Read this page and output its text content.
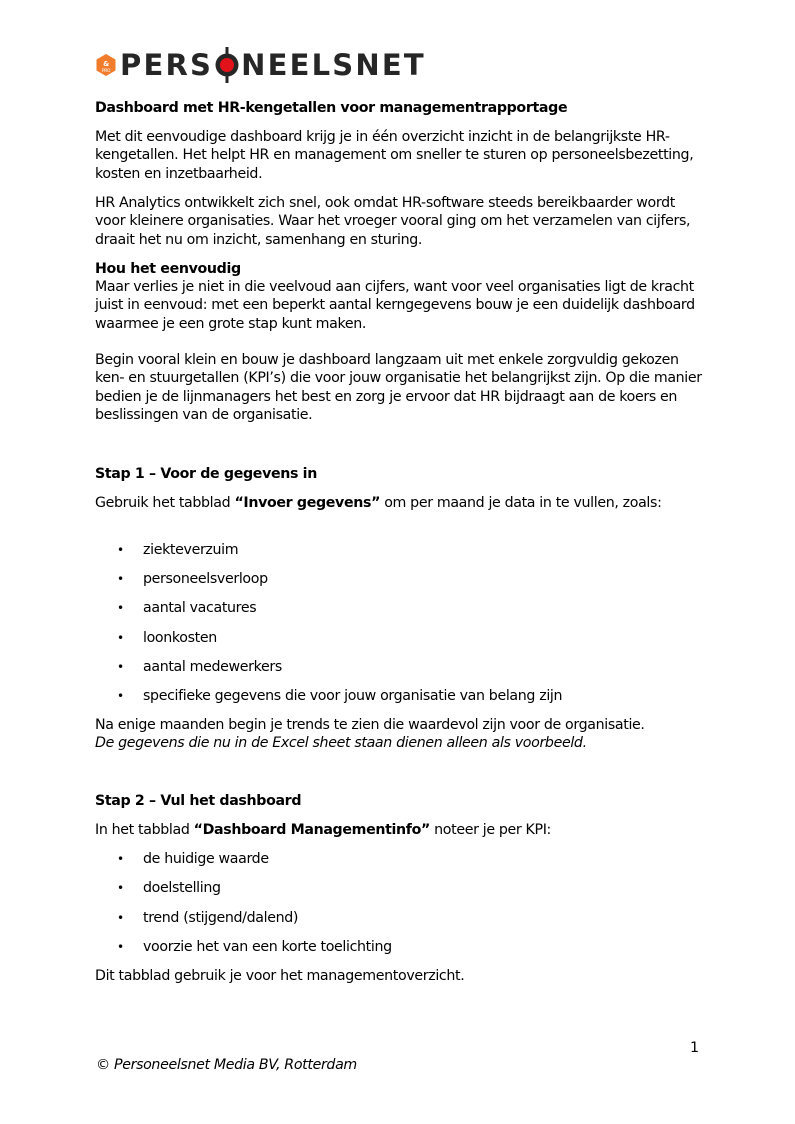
&
PRO PERS NEELSNET
Dashboard met HR-kengetallen voor managementrapportage
Met dit eenvoudige dashboard krijg je in één overzicht inzicht in de belangrijkste HR-kengetallen. Het helpt HR en management om sneller te sturen op personeelsbezetting, kosten en inzetbaarheid.
HR Analytics ontwikkelt zich snel, ook omdat HR-software steeds bereikbaarder wordt voor kleinere organisaties. Waar het vroeger vooral ging om het verzamelen van cijfers, draait het nu om inzicht, samenhang en sturing.
Hou het eenvoudig
Maar verlies je niet in die veelvoud aan cijfers, want voor veel organisaties ligt de kracht juist in eenvoud: met een beperkt aantal kerngegevens bouw je een duidelijk dashboard waarmee je een grote stap kunt maken.
Begin vooral klein en bouw je dashboard langzaam uit met enkele zorgvuldig gekozen ken- en stuurgetallen (KPI’s) die voor jouw organisatie het belangrijkst zijn. Op die manier bedien je de lijnmanagers het best en zorg je ervoor dat HR bijdraagt aan de koers en beslissingen van de organisatie.
Stap 1 – Voor de gegevens in
Gebruik het tabblad “Invoer gegevens” om per maand je data in te vullen, zoals:
• ziekteverzuim
• personeelsverloop
• aantal vacatures
• loonkosten
• aantal medewerkers
• specifieke gegevens die voor jouw organisatie van belang zijn
Na enige maanden begin je trends te zien die waardevol zijn voor de organisatie.
De gegevens die nu in de Excel sheet staan dienen alleen als voorbeeld.
Stap 2 – Vul het dashboard
In het tabblad “Dashboard Managementinfo” noteer je per KPI:
• de huidige waarde
• doelstelling
• trend (stijgend/dalend)
• voorzie het van een korte toelichting
Dit tabblad gebruik je voor het managementoverzicht.
1
© Personeelsnet Media BV, Rotterdam
